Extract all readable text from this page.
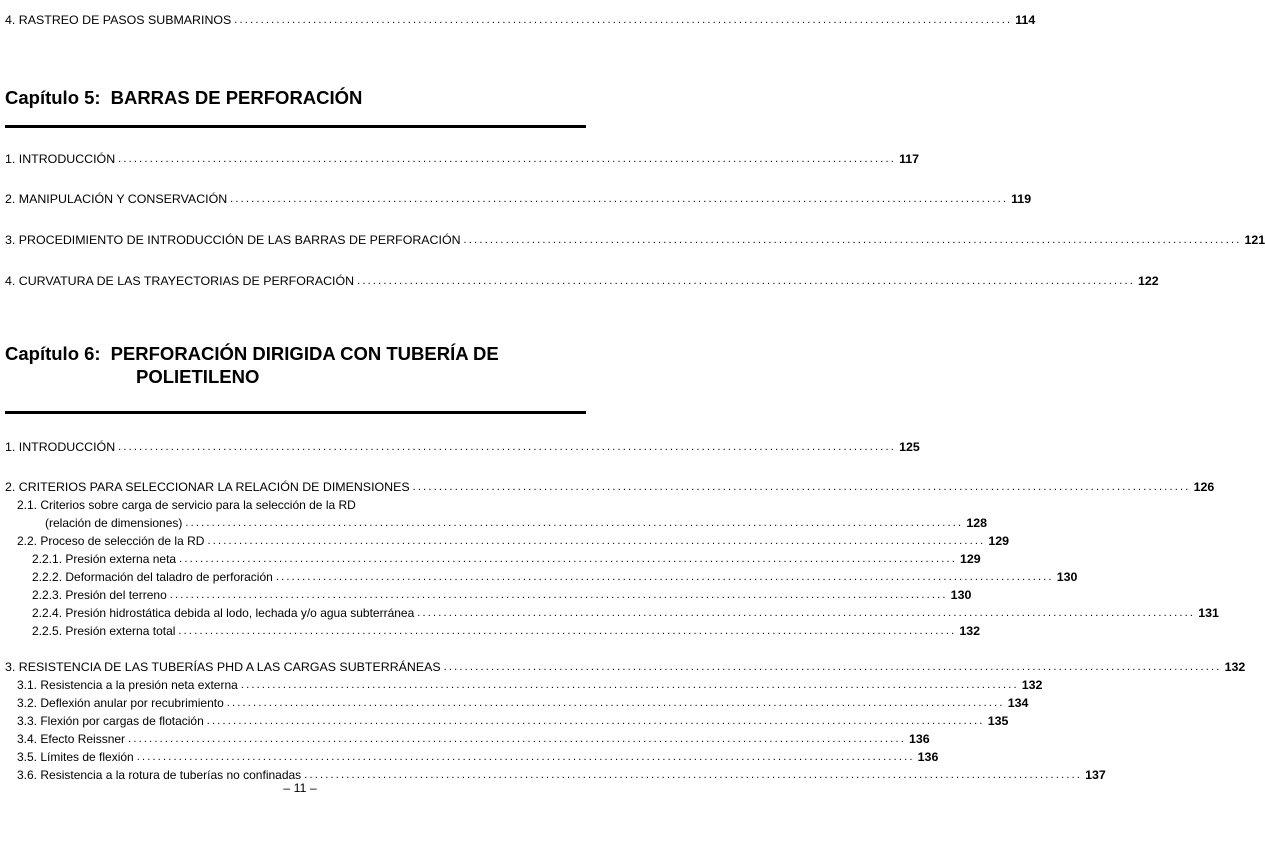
4. RASTREO DE PASOS SUBMARINOS .................................................................................................................................................... 114
Capítulo 5: BARRAS DE PERFORACIÓN
1. INTRODUCCIÓN .................................................................................................................................................... 117
2. MANIPULACIÓN Y CONSERVACIÓN .................................................................................................................................................... 119
3. PROCEDIMIENTO DE INTRODUCCIÓN DE LAS BARRAS DE PERFORACIÓN .................................................................................................................................................... 121
4. CURVATURA DE LAS TRAYECTORIAS DE PERFORACIÓN .................................................................................................................................................... 122
Capítulo 6: PERFORACIÓN DIRIGIDA CON TUBERÍA DE
POLIETILENO
1. INTRODUCCIÓN .................................................................................................................................................... 125
2. CRITERIOS PARA SELECCIONAR LA RELACIÓN DE DIMENSIONES .................................................................................................................................................... 126
2.1. Criterios sobre carga de servicio para la selección de la RD
(relación de dimensiones) .................................................................................................................................................... 128
2.2. Proceso de selección de la RD .................................................................................................................................................... 129
2.2.1. Presión externa neta .................................................................................................................................................... 129
2.2.2. Deformación del taladro de perforación .................................................................................................................................................... 130
2.2.3. Presión del terreno .................................................................................................................................................... 130
2.2.4. Presión hidrostática debida al lodo, lechada y/o agua subterránea .................................................................................................................................................... 131
2.2.5. Presión externa total .................................................................................................................................................... 132
3. RESISTENCIA DE LAS TUBERÍAS PHD A LAS CARGAS SUBTERRÁNEAS .................................................................................................................................................... 132
3.1. Resistencia a la presión neta externa .................................................................................................................................................... 132
3.2. Deflexión anular por recubrimiento .................................................................................................................................................... 134
3.3. Flexión por cargas de flotación .................................................................................................................................................... 135
3.4. Efecto Reissner .................................................................................................................................................... 136
3.5. Límites de flexión .................................................................................................................................................... 136
3.6. Resistencia a la rotura de tuberías no confinadas .................................................................................................................................................... 137
– 11 –
